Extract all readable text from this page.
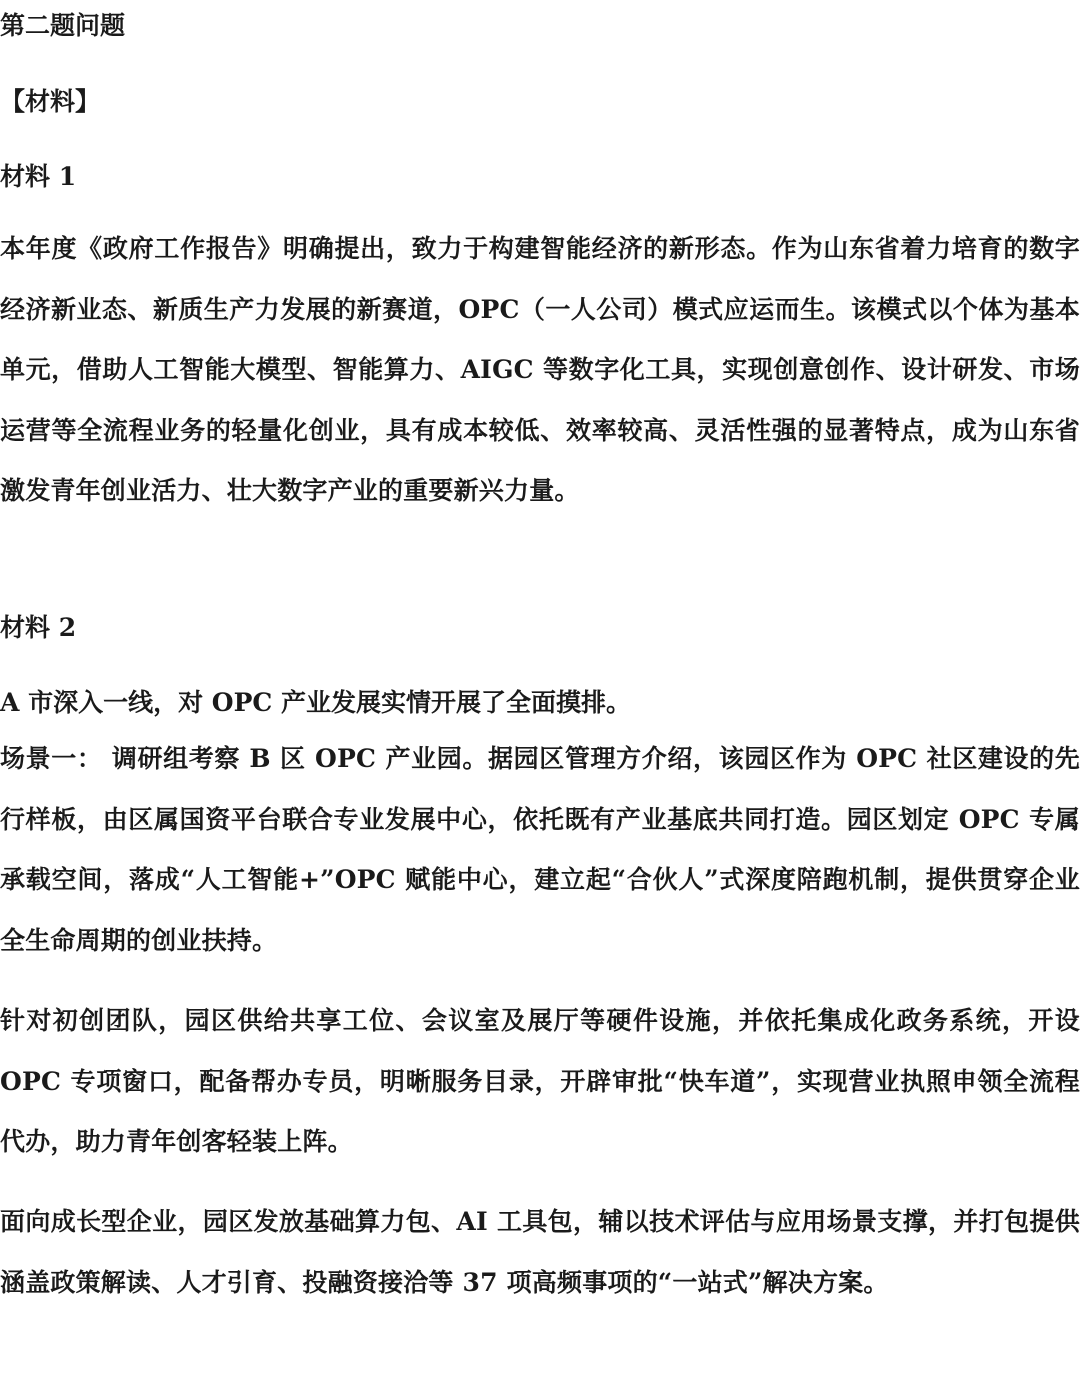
第二题问题

【材料】

材料 1

本年度《政府工作报告》明确提出，致力于构建智能经济的新形态。作为山东省着力培育的数字经济新业态、新质生产力发展的新赛道，OPC（一人公司）模式应运而生。该模式以个体为基本单元，借助人工智能大模型、智能算力、AIGC 等数字化工具，实现创意创作、设计研发、市场运营等全流程业务的轻量化创业，具有成本较低、效率较高、灵活性强的显著特点，成为山东省激发青年创业活力、壮大数字产业的重要新兴力量。

材料 2

A 市深入一线，对 OPC 产业发展实情开展了全面摸排。

场景一： 调研组考察 B 区 OPC 产业园。据园区管理方介绍，该园区作为 OPC 社区建设的先行样板，由区属国资平台联合专业发展中心，依托既有产业基底共同打造。园区划定 OPC 专属承载空间，落成“人工智能+”OPC 赋能中心，建立起“合伙人”式深度陪跑机制，提供贯穿企业全生命周期的创业扶持。

针对初创团队，园区供给共享工位、会议室及展厅等硬件设施，并依托集成化政务系统，开设 OPC 专项窗口，配备帮办专员，明晰服务目录，开辟审批“快车道”，实现营业执照申领全流程代办，助力青年创客轻装上阵。

面向成长型企业，园区发放基础算力包、AI 工具包，辅以技术评估与应用场景支撑，并打包提供涵盖政策解读、人才引育、投融资接洽等 37 项高频事项的“一站式”解决方案。
